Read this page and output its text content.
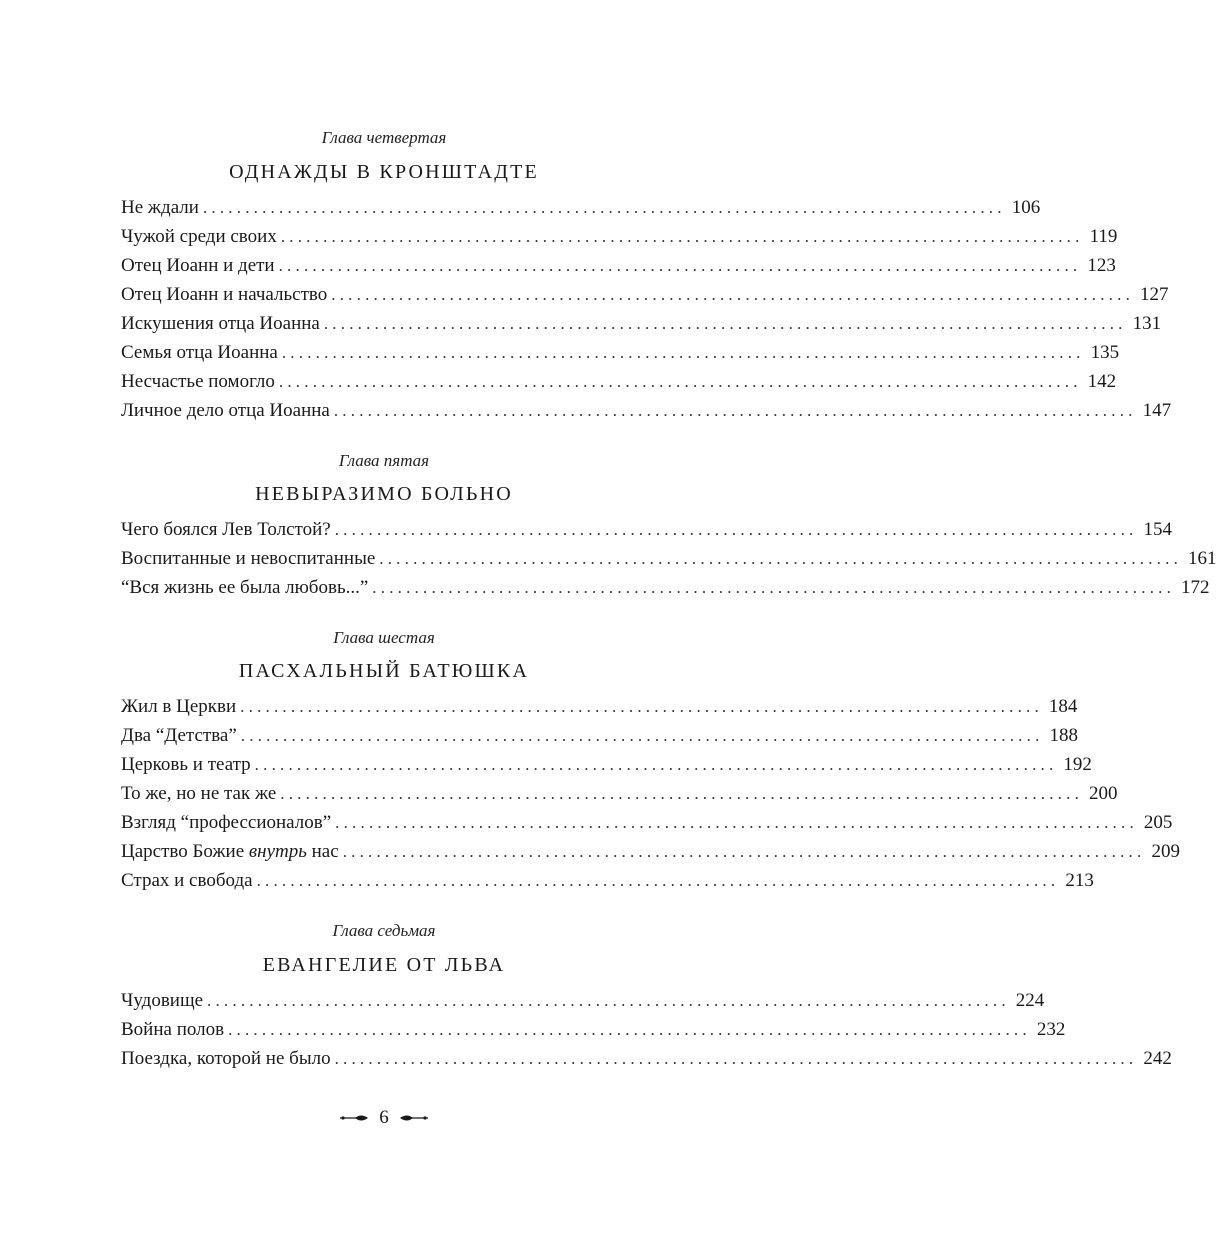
Глава четвертая
ОДНАЖДЫ В КРОНШТАДТЕ
Не ждали ............................................................................................... 106
Чужой среди своих ............................................................................................... 119
Отец Иоанн и дети ............................................................................................... 123
Отец Иоанн и начальство ............................................................................................... 127
Искушения отца Иоанна ............................................................................................... 131
Семья отца Иоанна ............................................................................................... 135
Несчастье помогло ............................................................................................... 142
Личное дело отца Иоанна ............................................................................................... 147
Глава пятая
НЕВЫРАЗИМО БОЛЬНО
Чего боялся Лев Толстой? ............................................................................................... 154
Воспитанные и невоспитанные ............................................................................................... 161
“Вся жизнь ее была любовь...” ............................................................................................... 172
Глава шестая
ПАСХАЛЬНЫЙ БАТЮШКА
Жил в Церкви ............................................................................................... 184
Два “Детства” ............................................................................................... 188
Церковь и театр ............................................................................................... 192
То же, но не так же ............................................................................................... 200
Взгляд “профессионалов” ............................................................................................... 205
Царство Божие внутрь нас ............................................................................................... 209
Страх и свобода ............................................................................................... 213
Глава седьмая
ЕВАНГЕЛИЕ ОТ ЛЬВА
Чудовище ............................................................................................... 224
Война полов ............................................................................................... 232
Поездка, которой не было ............................................................................................... 242
6
